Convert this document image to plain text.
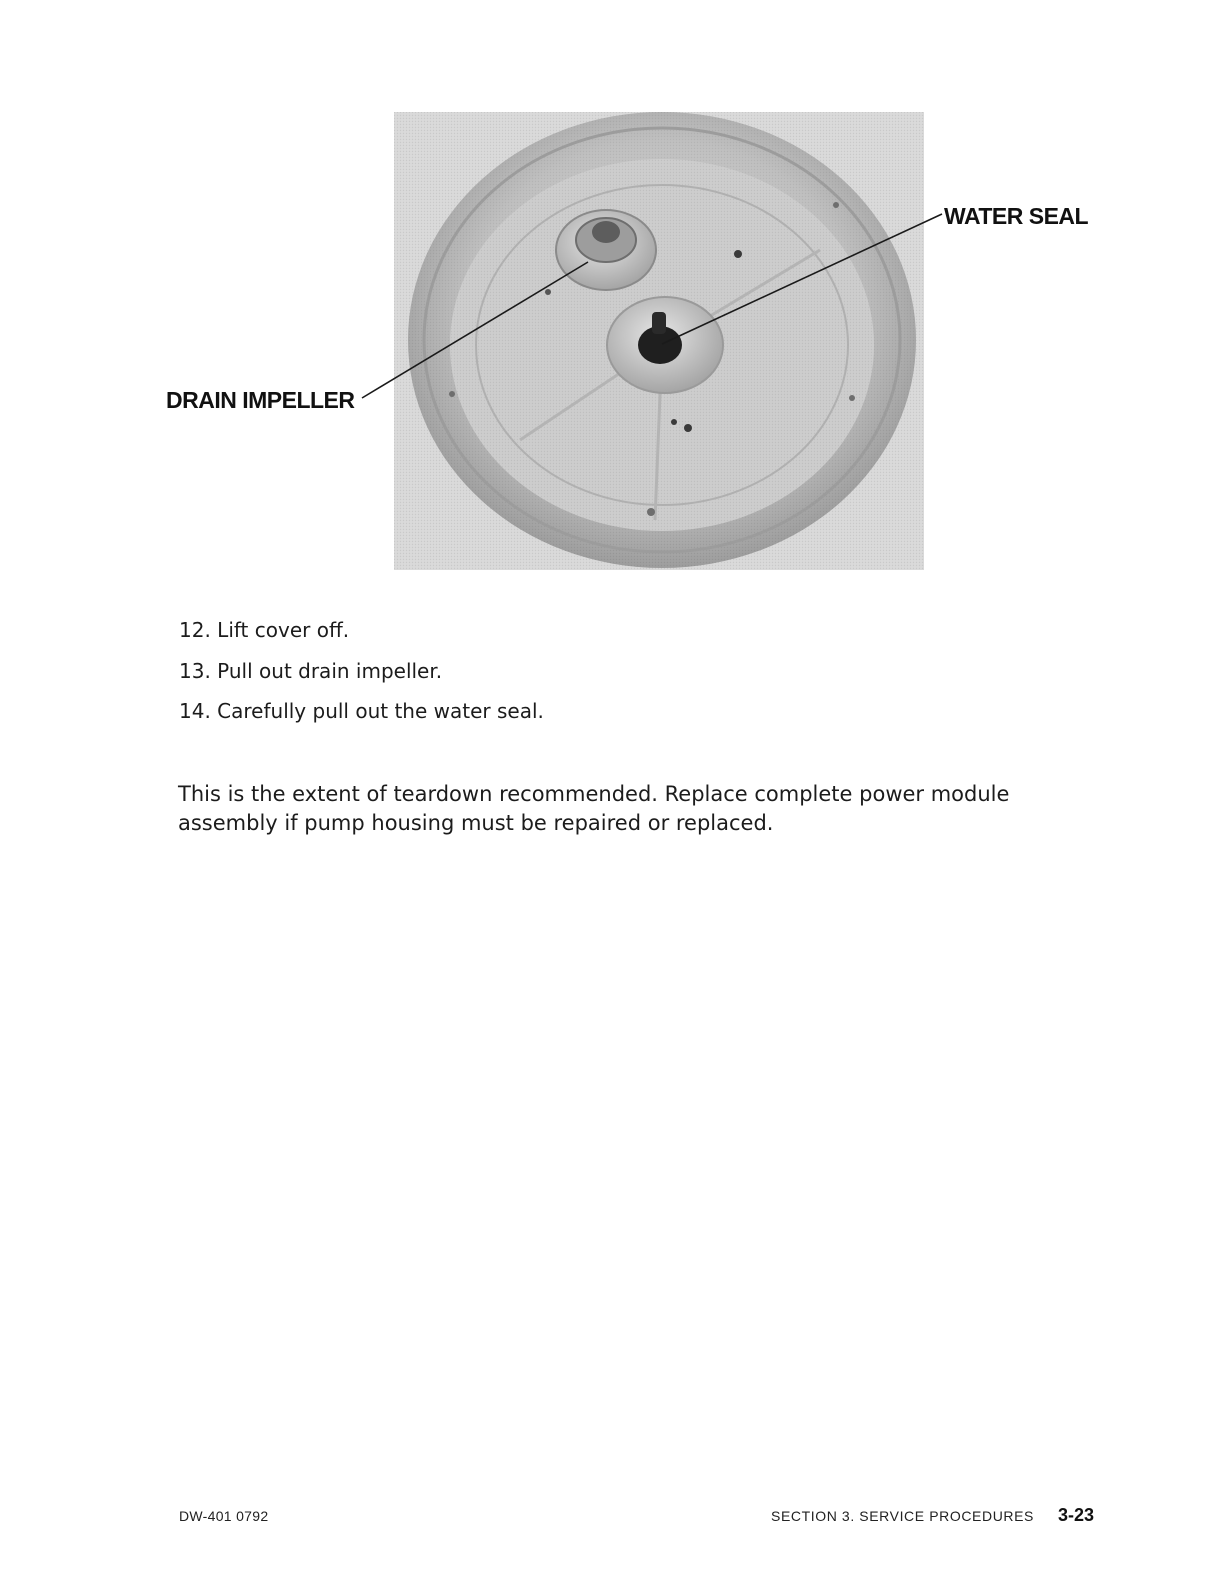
WATER SEAL
DRAIN IMPELLER
12. Lift cover off.
13. Pull out drain impeller.
14. Carefully pull out the water seal.

This is the extent of teardown recommended. Replace complete power module assembly if pump housing must be repaired or replaced.

DW-401 0792	SECTION 3. SERVICE PROCEDURES 3-23
